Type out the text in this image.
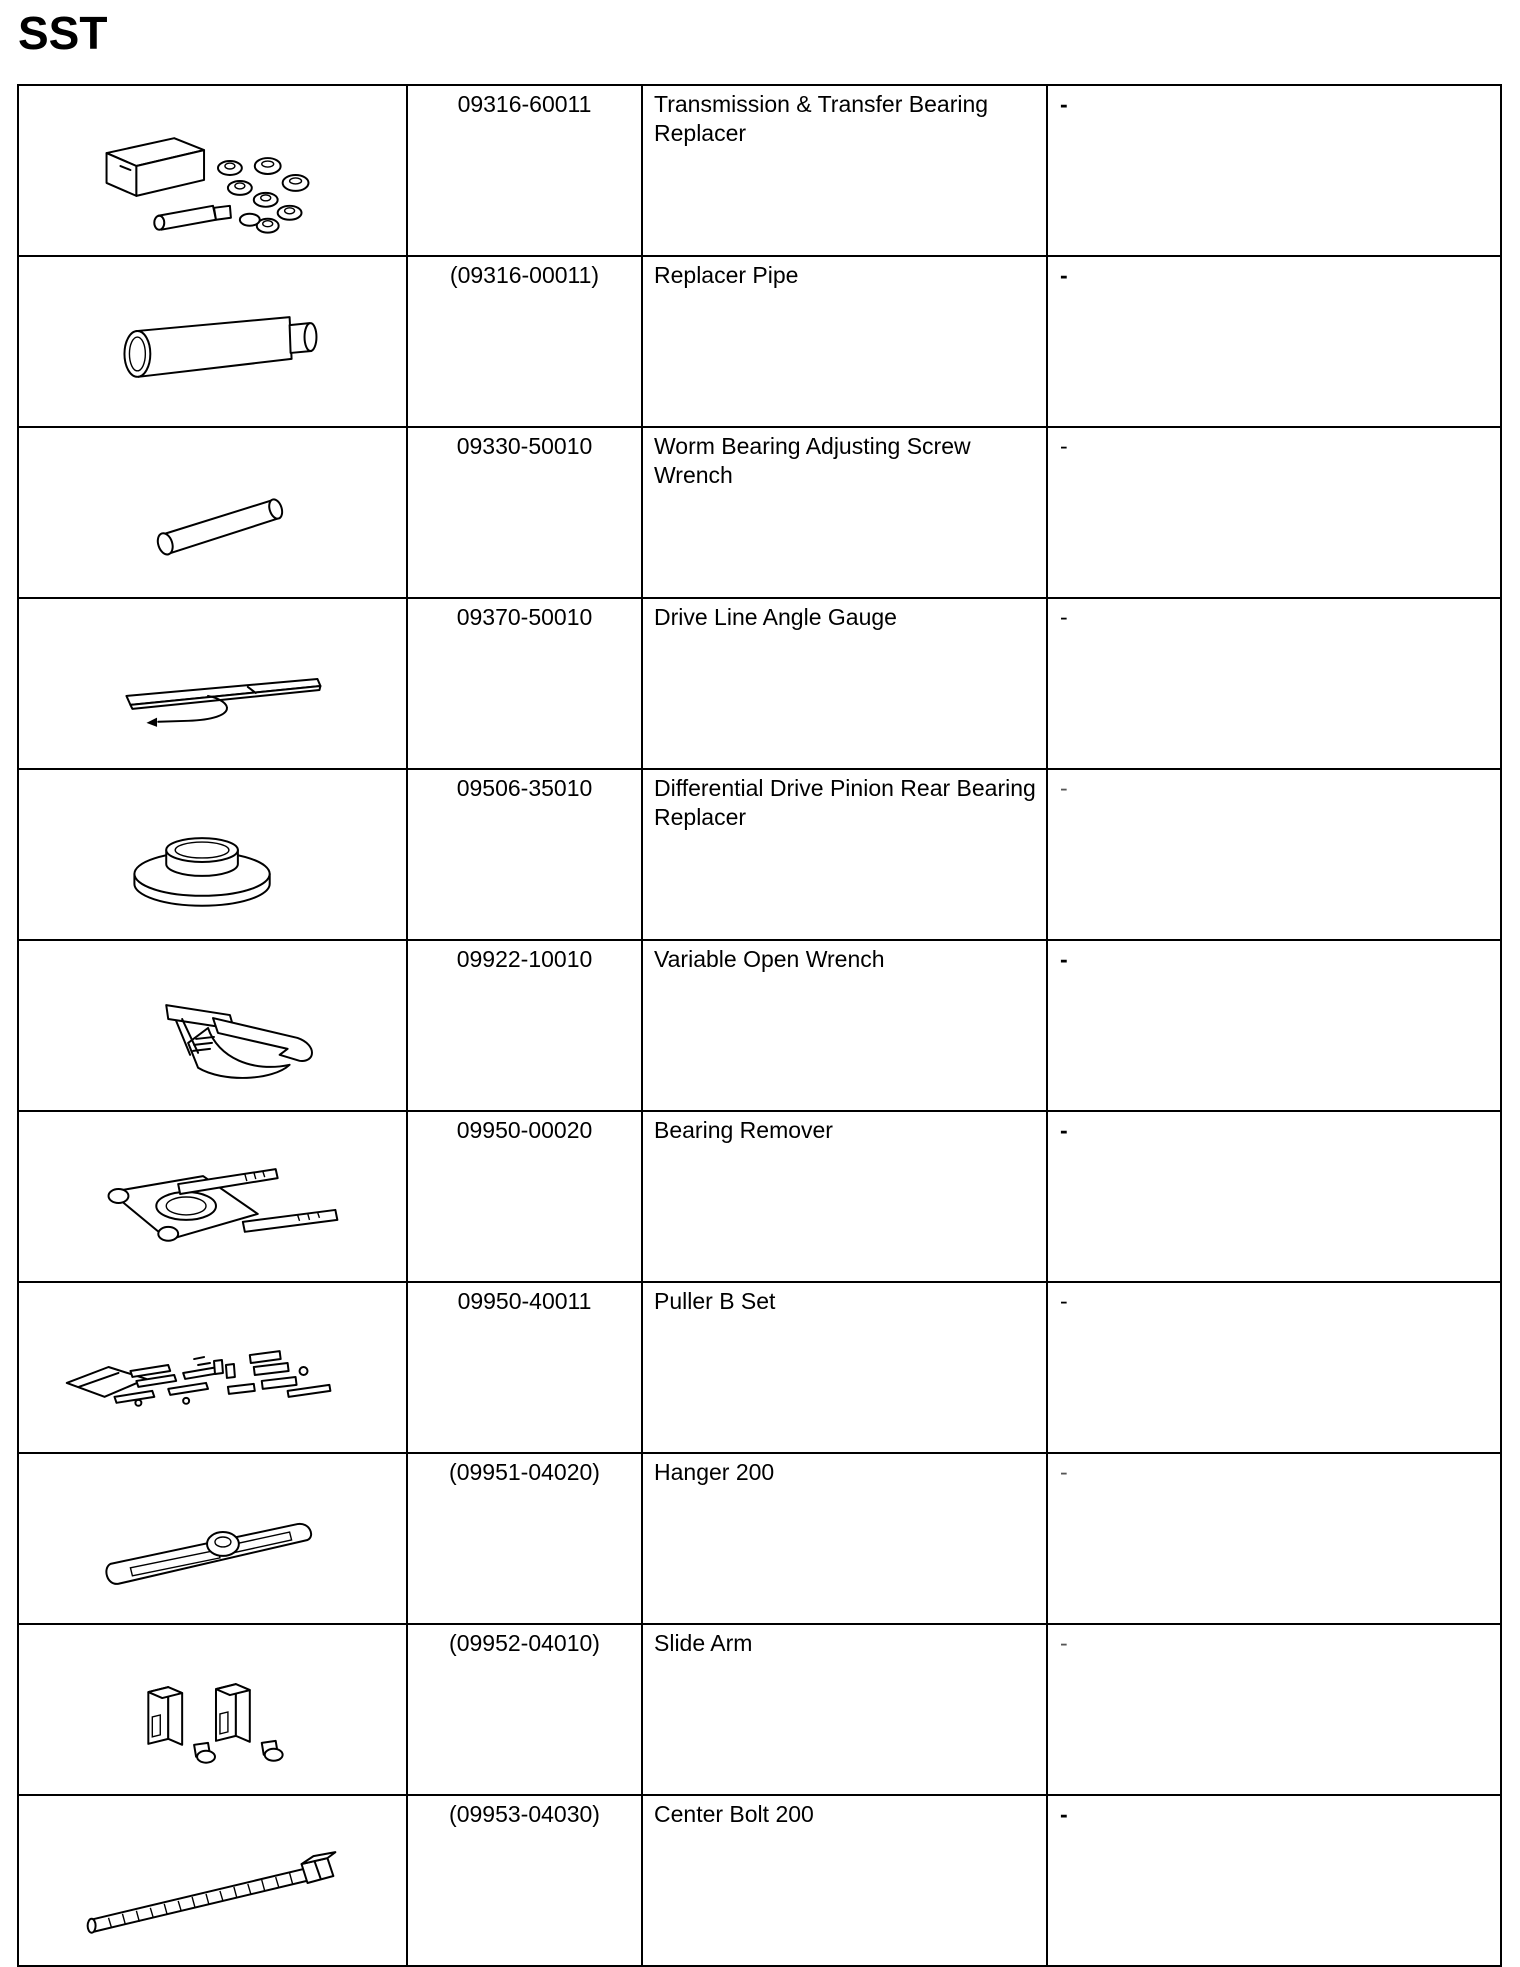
SST
	09316-60011	Transmission & Transfer Bearing Replacer	-

	(09316-00011)	Replacer Pipe	-

	09330-50010	Worm Bearing Adjusting Screw Wrench	-

	09370-50010	Drive Line Angle Gauge	-

	09506-35010	Differential Drive Pinion Rear Bearing Replacer	-

	09922-10010	Variable Open Wrench	-

	09950-00020	Bearing Remover	-

	09950-40011	Puller B Set	-

	(09951-04020)	Hanger 200	-

	(09952-04010)	Slide Arm	-

	(09953-04030)	Center Bolt 200	-
